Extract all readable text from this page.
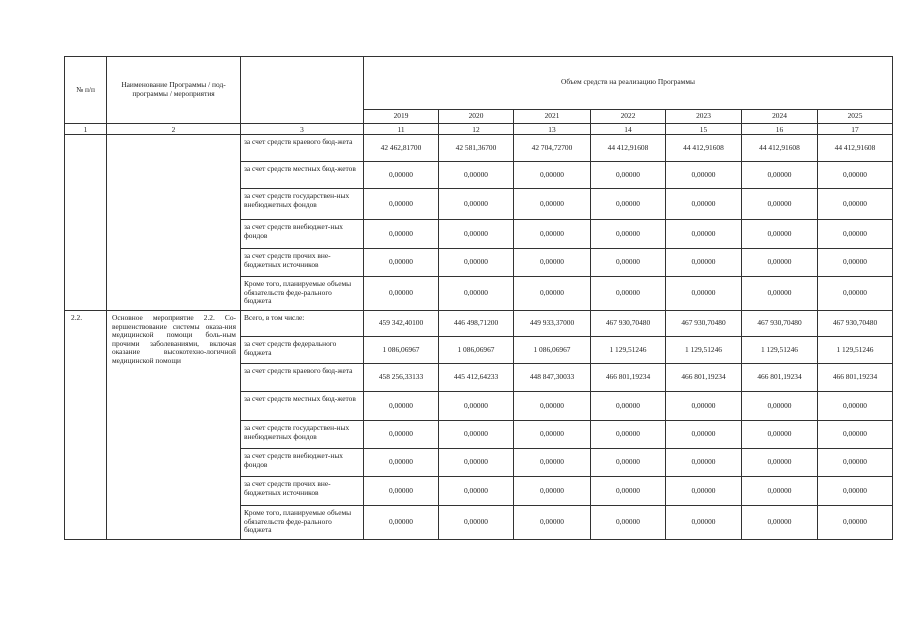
№ п/п	Наименование Программы / под-программы / мероприятия		Объем средств на реализацию Программы						
			2019	2020	2021	2022	2023	2024	2025
1	2	3	11	12	13	14	15	16	17
		за счет средств краевого бюд-жета	42 462,81700	42 581,36700	42 704,72700	44 412,91608	44 412,91608	44 412,91608	44 412,91608
		за счет средств местных бюд-жетов	0,00000	0,00000	0,00000	0,00000	0,00000	0,00000	0,00000
		за счет средств государствен-ных внебюджетных фондов	0,00000	0,00000	0,00000	0,00000	0,00000	0,00000	0,00000
		за счет средств внебюджет-ных фондов	0,00000	0,00000	0,00000	0,00000	0,00000	0,00000	0,00000
		за счет средств прочих вне-бюджетных источников	0,00000	0,00000	0,00000	0,00000	0,00000	0,00000	0,00000
		Кроме того, планируемые объемы обязательств феде-рального бюджета	0,00000	0,00000	0,00000	0,00000	0,00000	0,00000	0,00000
2.2.	Основное мероприятие 2.2. Со-вершенствование системы оказа-ния медицинской помощи боль-ным прочими заболеваниями, включая оказание высокотехно-логичной медицинской помощи	Всего, в том числе:	459 342,40100	446 498,71200	449 933,37000	467 930,70480	467 930,70480	467 930,70480	467 930,70480
		за счет средств федерального бюджета	1 086,06967	1 086,06967	1 086,06967	1 129,51246	1 129,51246	1 129,51246	1 129,51246
		за счет средств краевого бюд-жета	458 256,33133	445 412,64233	448 847,30033	466 801,19234	466 801,19234	466 801,19234	466 801,19234
		за счет средств местных бюд-жетов	0,00000	0,00000	0,00000	0,00000	0,00000	0,00000	0,00000
		за счет средств государствен-ных внебюджетных фондов	0,00000	0,00000	0,00000	0,00000	0,00000	0,00000	0,00000
		за счет средств внебюджет-ных фондов	0,00000	0,00000	0,00000	0,00000	0,00000	0,00000	0,00000
		за счет средств прочих вне-бюджетных источников	0,00000	0,00000	0,00000	0,00000	0,00000	0,00000	0,00000
		Кроме того, планируемые объемы обязательств феде-рального бюджета	0,00000	0,00000	0,00000	0,00000	0,00000	0,00000	0,00000
